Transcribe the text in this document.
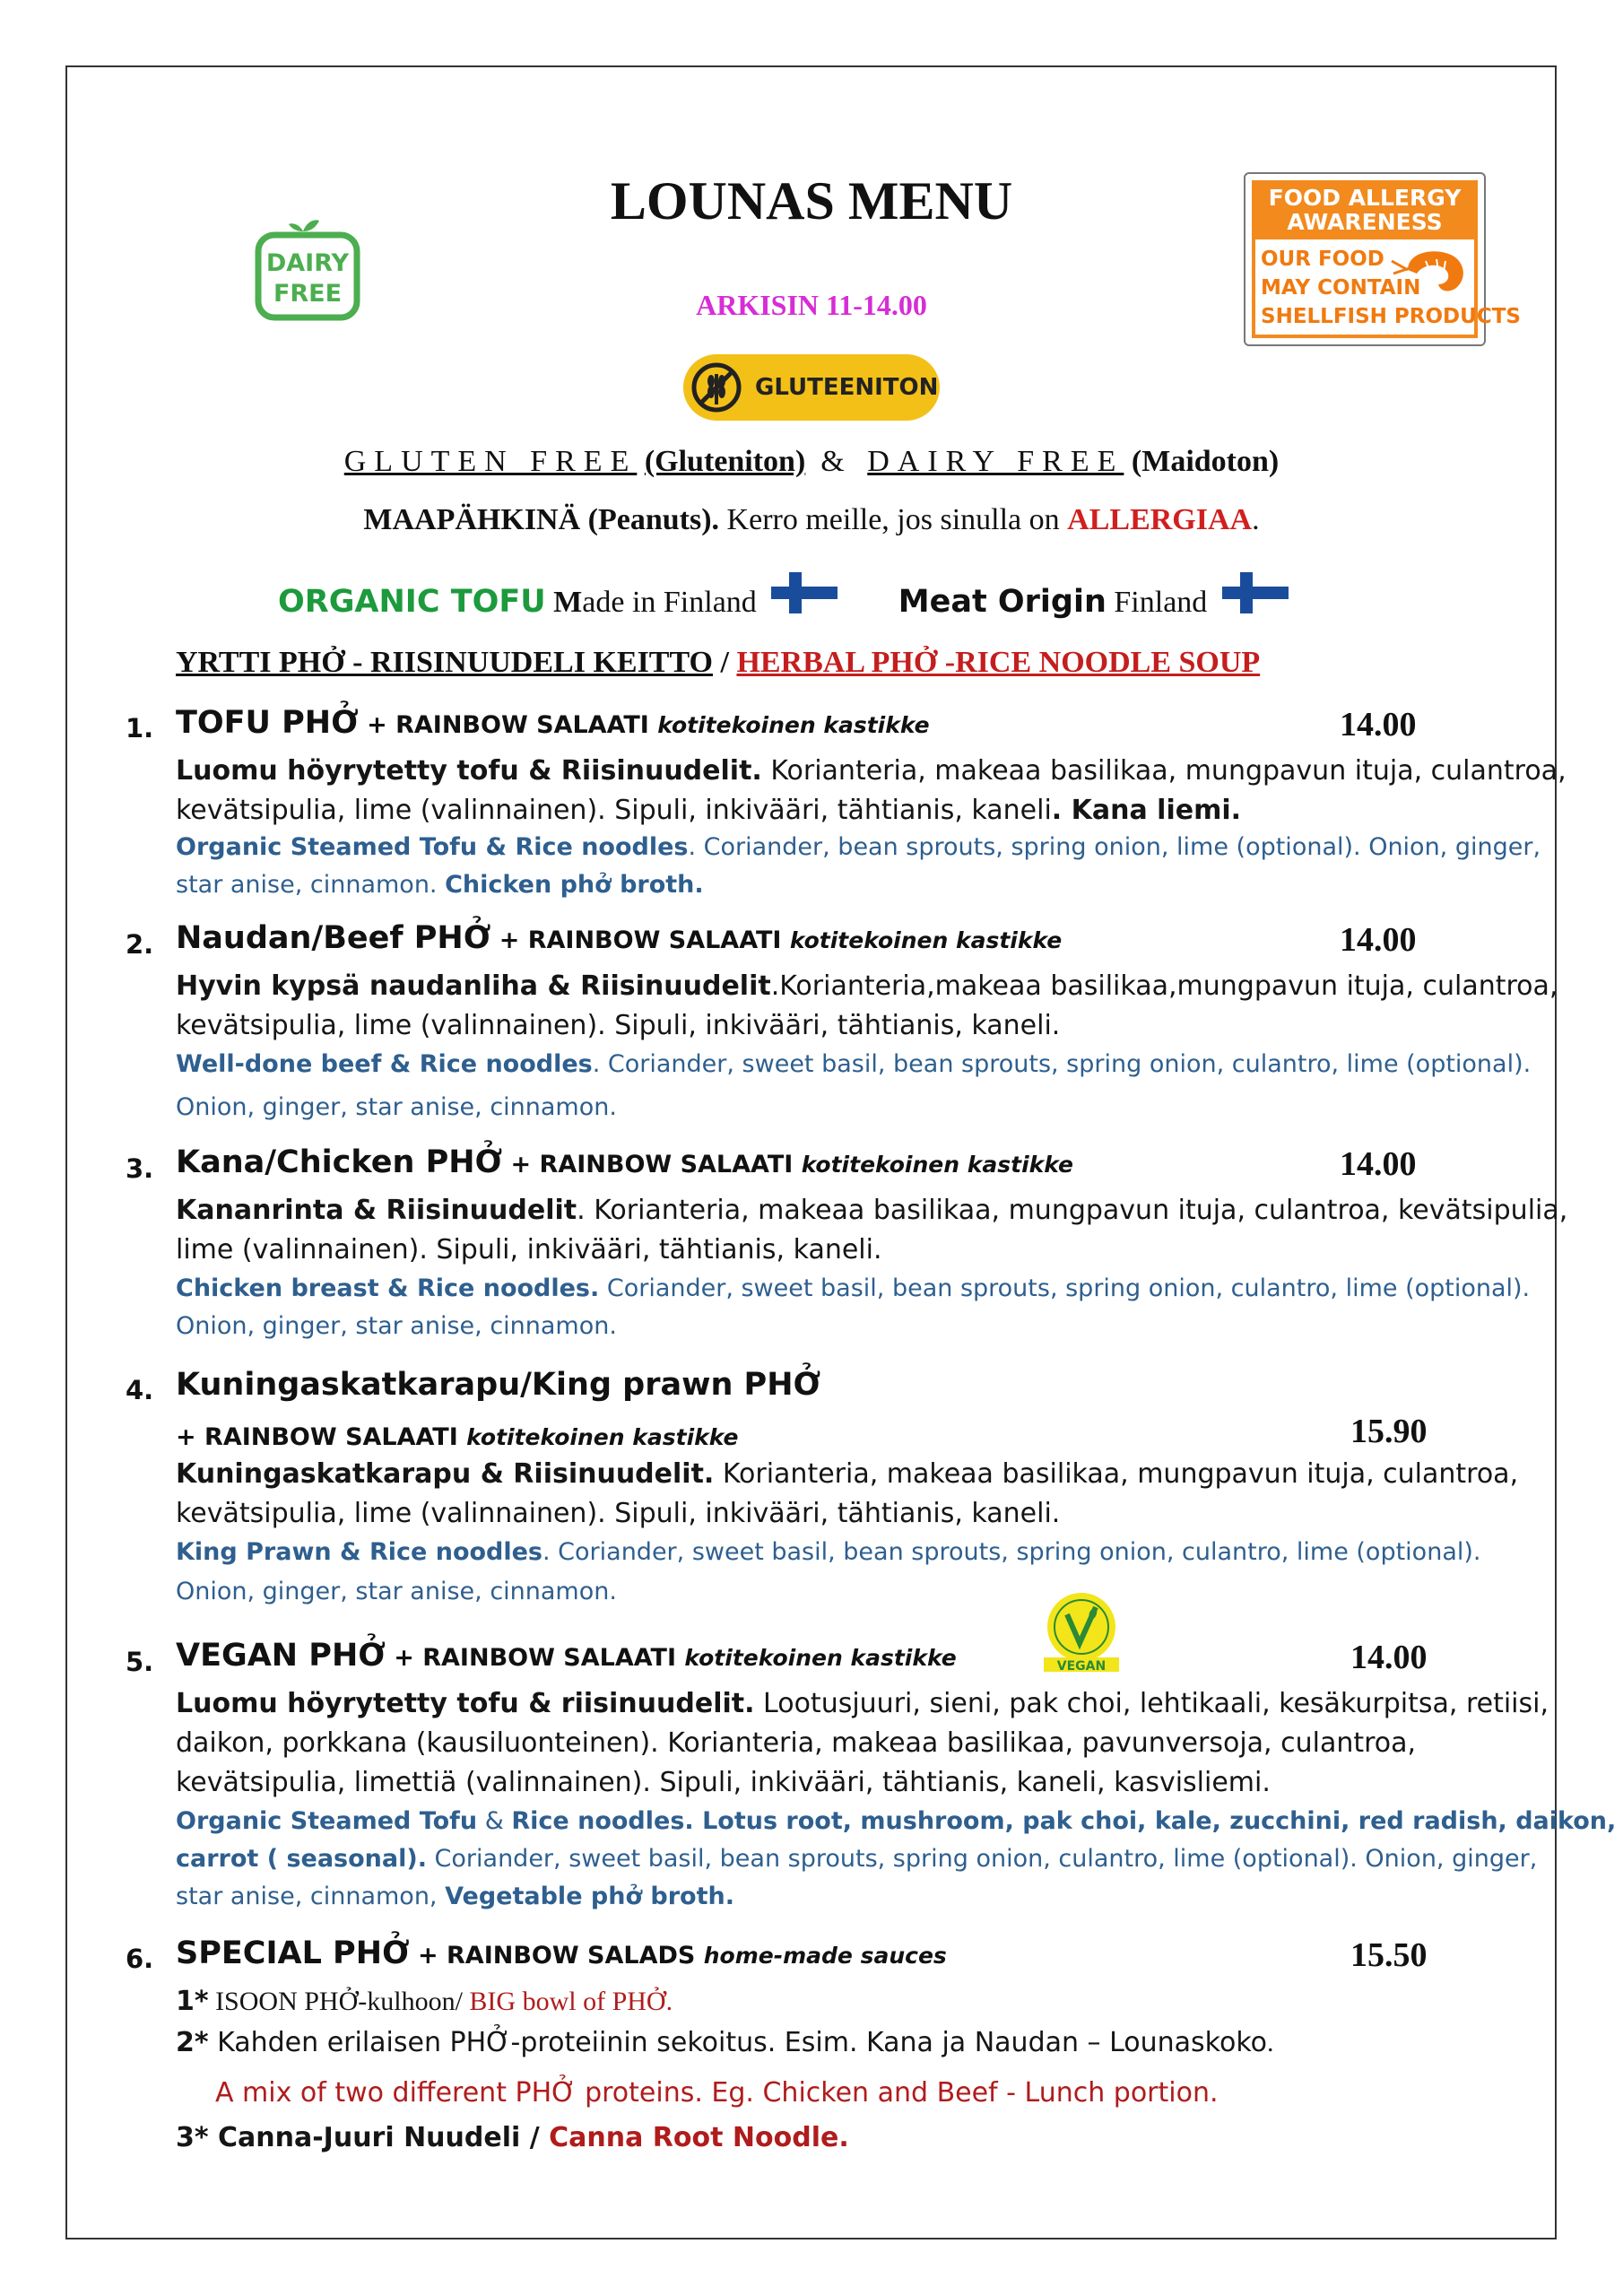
LOUNAS MENU
ARKISIN 11-14.00
DAIRY
FREE
FOOD ALLERGY
AWARENESS
OUR FOOD
MAY CONTAIN
SHELLFISH PRODUCTS
GLUTEENITON
GLUTEN FREE (Gluteniton) & DAIRY FREE (Maidoton)
MAAPÄHKINÄ (Peanuts). Kerro meille, jos sinulla on ALLERGIAA.
ORGANIC TOFU Made in Finland	Meat Origin Finland
YRTTI PHỞ - RIISINUUDELI KEITTO / HERBAL PHỞ -RICE NOODLE SOUP
1. TOFU PHỞ + RAINBOW SALAATI kotitekoinen kastikke	14.00
Luomu höyrytetty tofu & Riisinuudelit. Korianteria, makeaa basilikaa, mungpavun ituja, culantroa,
kevätsipulia, lime (valinnainen). Sipuli, inkivääri, tähtianis, kaneli. Kana liemi.
Organic Steamed Tofu & Rice noodles. Coriander, bean sprouts, spring onion, lime (optional). Onion, ginger,
star anise, cinnamon. Chicken phở broth.
2. Naudan/Beef PHỞ + RAINBOW SALAATI kotitekoinen kastikke	14.00
Hyvin kypsä naudanliha & Riisinuudelit.Korianteria,makeaa basilikaa,mungpavun ituja, culantroa,
kevätsipulia, lime (valinnainen). Sipuli, inkivääri, tähtianis, kaneli.
Well-done beef & Rice noodles. Coriander, sweet basil, bean sprouts, spring onion, culantro, lime (optional).
Onion, ginger, star anise, cinnamon.
3. Kana/Chicken PHỞ + RAINBOW SALAATI kotitekoinen kastikke	14.00
Kananrinta & Riisinuudelit. Korianteria, makeaa basilikaa, mungpavun ituja, culantroa, kevätsipulia,
lime (valinnainen). Sipuli, inkivääri, tähtianis, kaneli.
Chicken breast & Rice noodles. Coriander, sweet basil, bean sprouts, spring onion, culantro, lime (optional).
Onion, ginger, star anise, cinnamon.
4. Kuningaskatkarapu/King prawn PHỞ
+ RAINBOW SALAATI kotitekoinen kastikke	15.90
Kuningaskatkarapu & Riisinuudelit. Korianteria, makeaa basilikaa, mungpavun ituja, culantroa,
kevätsipulia, lime (valinnainen). Sipuli, inkivääri, tähtianis, kaneli.
King Prawn & Rice noodles. Coriander, sweet basil, bean sprouts, spring onion, culantro, lime (optional).
Onion, ginger, star anise, cinnamon.
5. VEGAN PHỞ + RAINBOW SALAATI kotitekoinen kastikke	VEGAN	14.00
Luomu höyrytetty tofu & riisinuudelit. Lootusjuuri, sieni, pak choi, lehtikaali, kesäkurpitsa, retiisi,
daikon, porkkana (kausiluonteinen). Korianteria, makeaa basilikaa, pavunversoja, culantroa,
kevätsipulia, limettiä (valinnainen). Sipuli, inkivääri, tähtianis, kaneli, kasvisliemi.
Organic Steamed Tofu & Rice noodles. Lotus root, mushroom, pak choi, kale, zucchini, red radish, daikon,
carrot ( seasonal). Coriander, sweet basil, bean sprouts, spring onion, culantro, lime (optional). Onion, ginger,
star anise, cinnamon, Vegetable phở broth.
6. SPECIAL PHỞ + RAINBOW SALADS home-made sauces	15.50
1* ISOON PHỞ-kulhoon/ BIG bowl of PHỞ.
2* Kahden erilaisen PHỞ-proteiinin sekoitus. Esim. Kana ja Naudan – Lounaskoko.
A mix of two different PHỞ proteins. Eg. Chicken and Beef - Lunch portion.
3* Canna-Juuri Nuudeli / Canna Root Noodle.
